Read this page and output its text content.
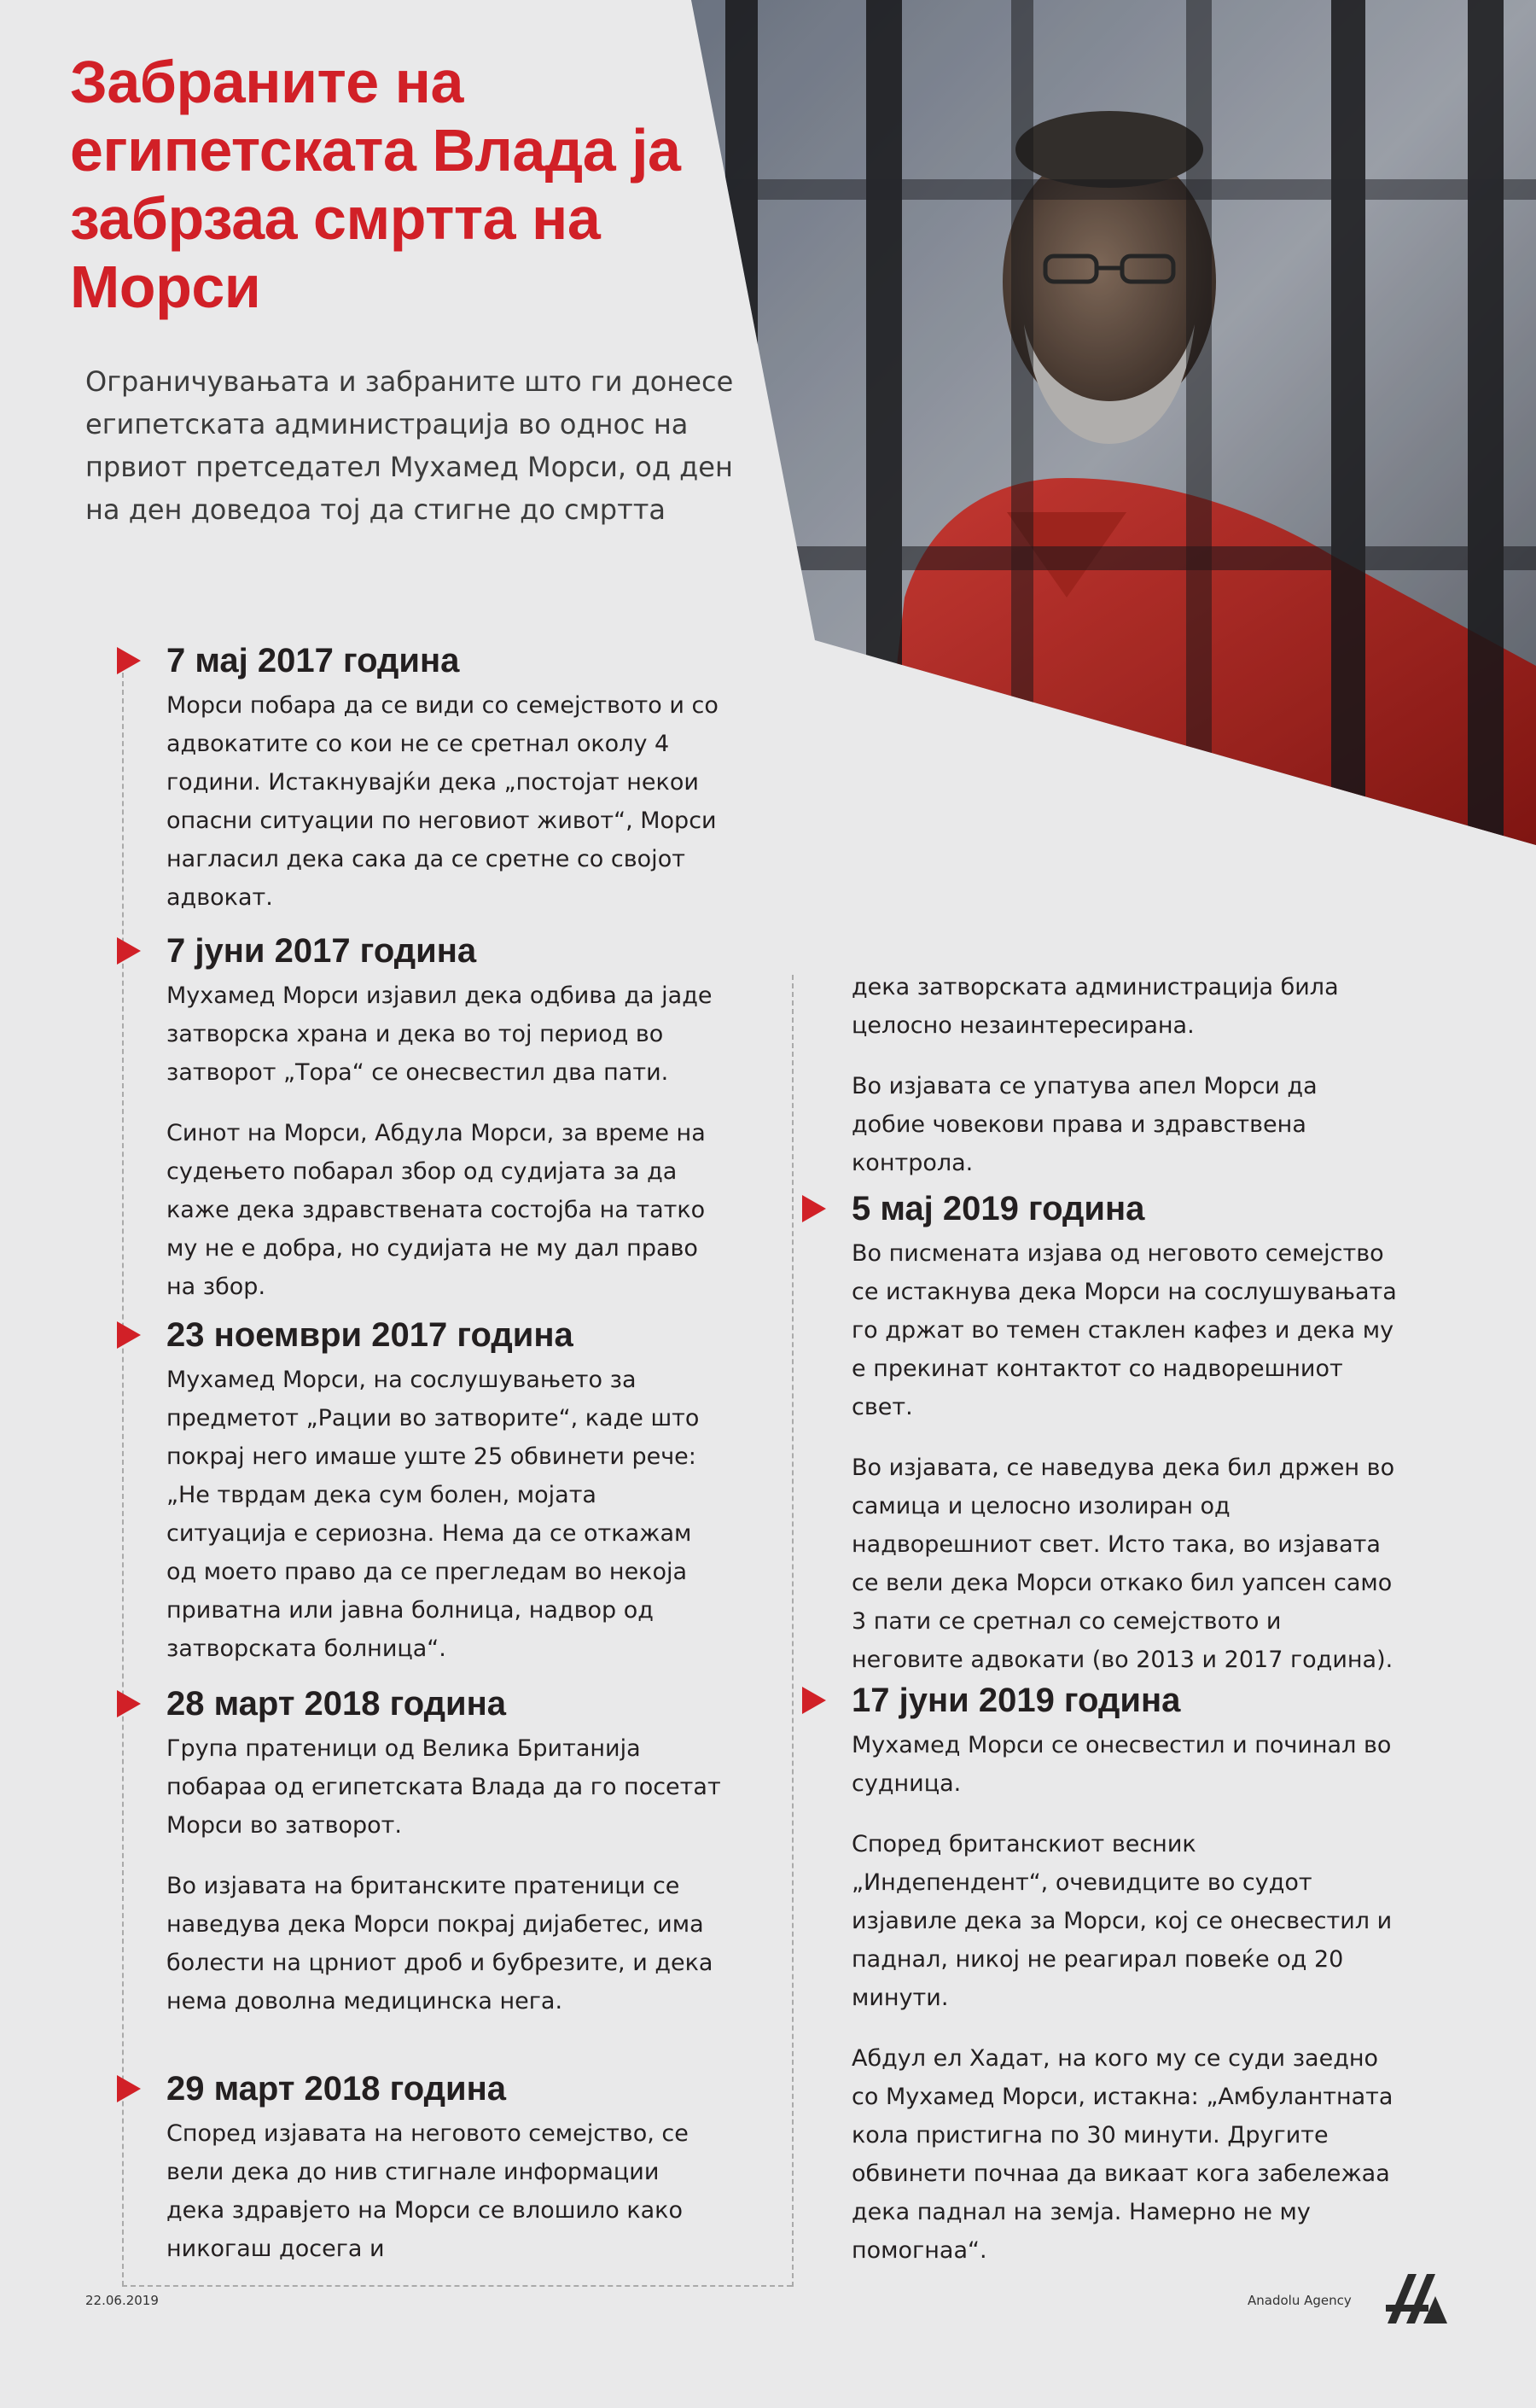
Забраните на египетската Влада ја забрзаа смртта на Морси

Ограничувањата и забраните што ги донесе египетската администрација во однос на првиот претседател Мухамед Морси, од ден на ден доведоа тој да стигне до смртта

7 мај 2017 година

Морси побара да се види со семејството и со адвокатите со кои не се сретнал околу 4 години. Истакнувајќи дека „постојат некои опасни ситуации по неговиот живот“, Морси нагласил дека сака да се сретне со својот адвокат.

7 јуни 2017 година

Мухамед Морси изјавил дека одбива да јаде затворска храна и дека во тој период во затворот „Тора“ се онесвестил два пати.

Синот на Морси, Абдула Морси, за време на судењето побарал збор од судијата за да каже дека здравствената состојба на татко му не е добра, но судијата не му дал право на збор.

23 ноември 2017 година

Мухамед Морси, на сослушувањето за предметот „Рации во затворите“, каде што покрај него имаше уште 25 обвинети рече: „Не тврдам дека сум болен, мојата ситуација е сериозна. Нема да се откажам од моето право да се прегледам во некоја приватна или јавна болница, надвор од затворската болница“.

28 март 2018 година

Група пратеници од Велика Британија побараа од египетската Влада да го посетат Морси во затворот.

Во изјавата на британските пратеници се наведува дека Морси покрај дијабетес, има болести на црниот дроб и бубрезите, и дека нема доволна медицинска нега.

29 март 2018 година

Според изјавата на неговото семејство, се вели дека до нив стигнале информации дека здравјето на Морси се влошило како никогаш досега и

дека затворската администрација била целосно незаинтересирана.

Во изјавата се упатува апел Морси да добие човекови права и здравствена контрола.

5 мај 2019 година

Во писмената изјава од неговото семејство се истакнува дека Морси на сослушувањата го држат во темен стаклен кафез и дека му е прекинат контактот со надворешниот свет.

Во изјавата, се наведува дека бил држен во самица и целосно изолиран од надворешниот свет. Исто така, во изјавата се вели дека Морси откако бил уапсен само 3 пати се сретнал со семејството и неговите адвокати (во 2013 и 2017 година).

17 јуни 2019 година

Мухамед Морси се онесвестил и починал во судница.

Според британскиот весник „Индепендент“, очевидците во судот изјавиле дека за Морси, кој се онесвестил и паднал, никој не реагирал повеќе од 20 минути.

Абдул ел Хадат, на кого му се суди заедно со Мухамед Морси, истакна: „Амбулантната кола пристигна по 30 минути. Другите обвинети почнаа да викаат кога забележаа дека паднал на земја. Намерно не му помогнаа“.

22.06.2019	Anadolu Agency
